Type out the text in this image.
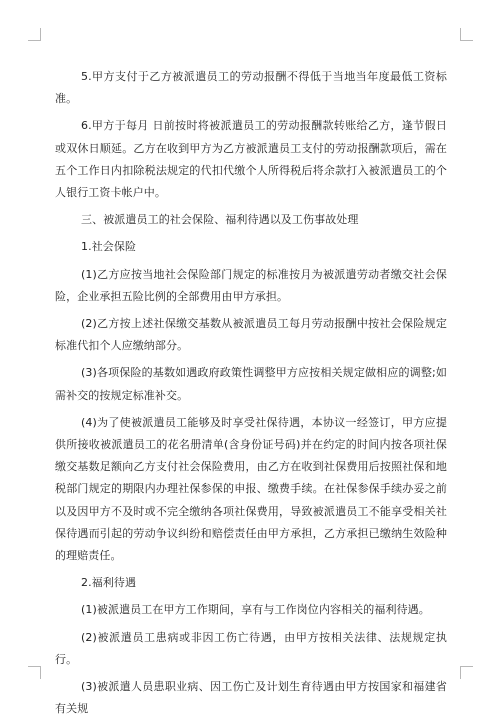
5.甲方支付于乙方被派遣员工的劳动报酬不得低于当地当年度最低工资标准。

6.甲方于每月 日前按时将被派遣员工的劳动报酬款转账给乙方，逢节假日或双休日顺延。乙方在收到甲方为乙方被派遣员工支付的劳动报酬款项后，需在五个工作日内扣除税法规定的代扣代缴个人所得税后将余款打入被派遣员工的个人银行工资卡帐户中。

三、被派遣员工的社会保险、福利待遇以及工伤事故处理

1.社会保险

(1)乙方应按当地社会保险部门规定的标准按月为被派遣劳动者缴交社会保险，企业承担五险比例的全部费用由甲方承担。

(2)乙方按上述社保缴交基数从被派遣员工每月劳动报酬中按社会保险规定标准代扣个人应缴纳部分。

(3)各项保险的基数如遇政府政策性调整甲方应按相关规定做相应的调整;如需补交的按规定标准补交。

(4)为了使被派遣员工能够及时享受社保待遇，本协议一经签订，甲方应提供所接收被派遣员工的花名册清单(含身份证号码)并在约定的时间内按各项社保缴交基数足额向乙方支付社会保险费用，由乙方在收到社保费用后按照社保和地税部门规定的期限内办理社保参保的申报、缴费手续。在社保参保手续办妥之前以及因甲方不及时或不完全缴纳各项社保费用，导致被派遣员工不能享受相关社保待遇而引起的劳动争议纠纷和赔偿责任由甲方承担，乙方承担已缴纳生效险种的理赔责任。

2.福利待遇

(1)被派遣员工在甲方工作期间，享有与工作岗位内容相关的福利待遇。

(2)被派遣员工患病或非因工伤亡待遇，由甲方按相关法律、法规规定执行。

(3)被派遣人员患职业病、因工伤亡及计划生育待遇由甲方按国家和福建省有关规
